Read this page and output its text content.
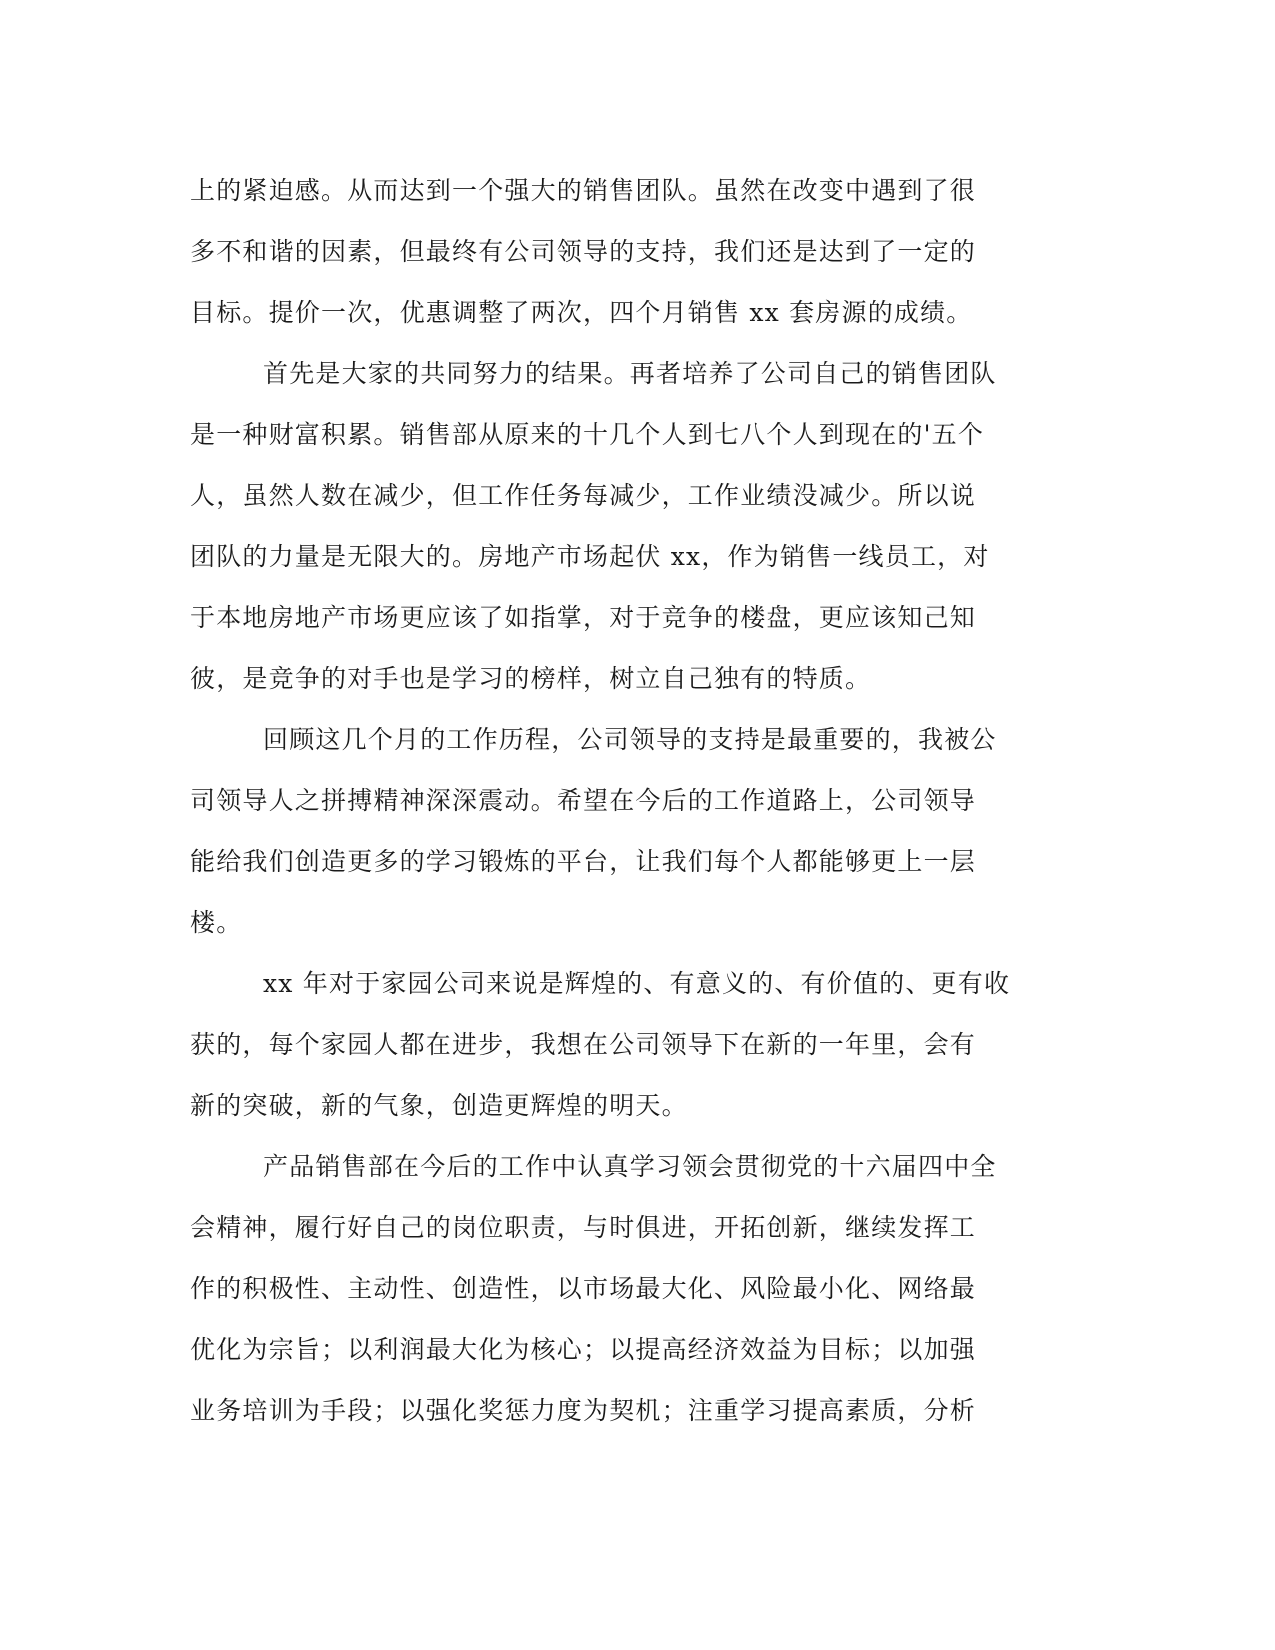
上的紧迫感。从而达到一个强大的销售团队。虽然在改变中遇到了很
多不和谐的因素，但最终有公司领导的支持，我们还是达到了一定的
目标。提价一次，优惠调整了两次，四个月销售 xx 套房源的成绩。
首先是大家的共同努力的结果。再者培养了公司自己的销售团队
是一种财富积累。销售部从原来的十几个人到七八个人到现在的'五个
人，虽然人数在减少，但工作任务每减少，工作业绩没减少。所以说
团队的力量是无限大的。房地产市场起伏 xx，作为销售一线员工，对
于本地房地产市场更应该了如指掌，对于竞争的楼盘，更应该知己知
彼，是竞争的对手也是学习的榜样，树立自己独有的特质。
回顾这几个月的工作历程，公司领导的支持是最重要的，我被公
司领导人之拼搏精神深深震动。希望在今后的工作道路上，公司领导
能给我们创造更多的学习锻炼的平台，让我们每个人都能够更上一层
楼。
xx 年对于家园公司来说是辉煌的、有意义的、有价值的、更有收
获的，每个家园人都在进步，我想在公司领导下在新的一年里，会有
新的突破，新的气象，创造更辉煌的明天。
产品销售部在今后的工作中认真学习领会贯彻党的十六届四中全
会精神，履行好自己的岗位职责，与时俱进，开拓创新，继续发挥工
作的积极性、主动性、创造性，以市场最大化、风险最小化、网络最
优化为宗旨；以利润最大化为核心；以提高经济效益为目标；以加强
业务培训为手段；以强化奖惩力度为契机；注重学习提高素质，分析
